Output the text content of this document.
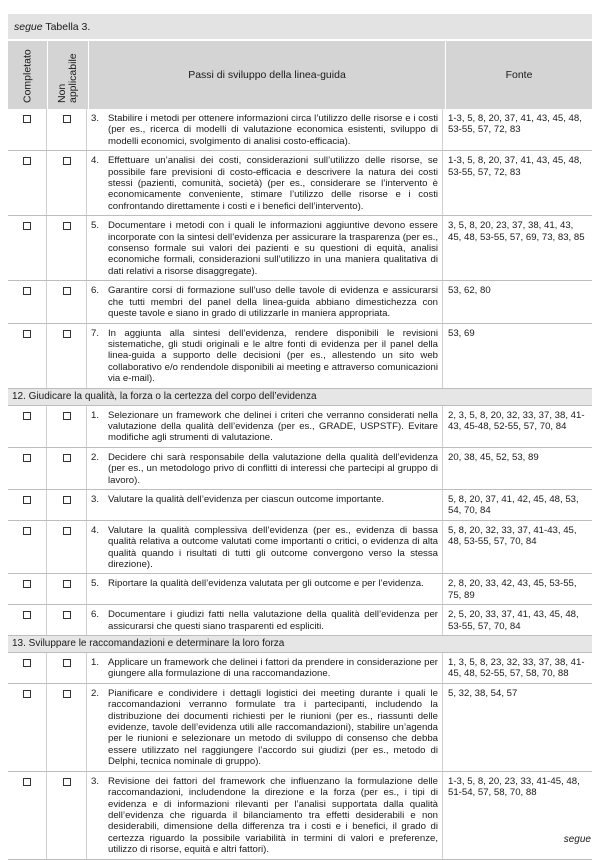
segue Tabella 3.
Completato Non applicabile	Passi di sviluppo della linea-guida	Fonte
3. Stabilire i metodi per ottenere informazioni circa l’utilizzo delle risorse e i costi (per es., ricerca di modelli di valutazione economica esistenti, sviluppo di modelli economici, svolgimento di analisi costo-efficacia).
1-3, 5, 8, 20, 37, 41, 43, 45, 48, 53-55, 57, 72, 83
4. Effettuare un’analisi dei costi, considerazioni sull’utilizzo delle risorse, se possibile fare previsioni di costo-efficacia e descrivere la natura dei costi stessi (pazienti, comunità, società) (per es., considerare se l’intervento è economicamente conveniente, stimare l’utilizzo delle risorse e i costi confrontando direttamente i costi e i benefici dell’intervento).
1-3, 5, 8, 20, 37, 41, 43, 45, 48, 53-55, 57, 72, 83
5. Documentare i metodi con i quali le informazioni aggiuntive devono essere incorporate con la sintesi dell’evidenza per assicurare la trasparenza (per es., consenso formale sui valori dei pazienti e su questioni di equità, analisi economiche formali, considerazioni sull’utilizzo in una maniera qualitativa di dati relativi a risorse disaggregate).
3, 5, 8, 20, 23, 37, 38, 41, 43, 45, 48, 53-55, 57, 69, 73, 83, 85
6. Garantire corsi di formazione sull’uso delle tavole di evidenza e assicurarsi che tutti membri del panel della linea-guida abbiano dimestichezza con queste tavole e siano in grado di utilizzarle in maniera appropriata.
53, 62, 80
7. In aggiunta alla sintesi dell’evidenza, rendere disponibili le revisioni sistematiche, gli studi originali e le altre fonti di evidenza per il panel della linea-guida a supporto delle decisioni (per es., allestendo un sito web collaborativo e/o rendendole disponibili ai meeting e attraverso comunicazioni via e-mail).
53, 69
12. Giudicare la qualità, la forza o la certezza del corpo dell’evidenza
1. Selezionare un framework che delinei i criteri che verranno considerati nella valutazione della qualità dell’evidenza (per es., GRADE, USPSTF). Evitare modifiche agli strumenti di valutazione.
2, 3, 5, 8, 20, 32, 33, 37, 38, 41-43, 45-48, 52-55, 57, 70, 84
2. Decidere chi sarà responsabile della valutazione della qualità dell’evidenza (per es., un metodologo privo di conflitti di interessi che partecipi al gruppo di lavoro).
20, 38, 45, 52, 53, 89
3. Valutare la qualità dell’evidenza per ciascun outcome importante.	5, 8, 20, 37, 41, 42, 45, 48, 53, 54, 70, 84
4. Valutare la qualità complessiva dell’evidenza (per es., evidenza di bassa qualità relativa a outcome valutati come importanti o critici, o evidenza di alta qualità quando i risultati di tutti gli outcome convergono verso la stessa direzione).
5, 8, 20, 32, 33, 37, 41-43, 45, 48, 53-55, 57, 70, 84
5. Riportare la qualità dell’evidenza valutata per gli outcome e per l’evidenza.	2, 8, 20, 33, 42, 43, 45, 53-55, 75, 89
6. Documentare i giudizi fatti nella valutazione della qualità dell’evidenza per assicurarsi che questi siano trasparenti ed espliciti.
2, 5, 20, 33, 37, 41, 43, 45, 48, 53-55, 57, 70, 84
13. Sviluppare le raccomandazioni e determinare la loro forza
1. Applicare un framework che delinei i fattori da prendere in considerazione per giungere alla formulazione di una raccomandazione.
1, 3, 5, 8, 23, 32, 33, 37, 38, 41-45, 48, 52-55, 57, 58, 70, 88
2. Pianificare e condividere i dettagli logistici dei meeting durante i quali le raccomandazioni verranno formulate tra i partecipanti, includendo la distribuzione dei documenti richiesti per le riunioni (per es., riassunti delle evidenze, tavole dell’evidenza utili alle raccomandazioni), stabilire un’agenda per le riunioni e selezionare un metodo di sviluppo di consenso che debba essere utilizzato nel raggiungere l’accordo sui giudizi (per es., metodo di Delphi, tecnica nominale di gruppo).
5, 32, 38, 54, 57
3. Revisione dei fattori del framework che influenzano la formulazione delle raccomandazioni, includendone la direzione e la forza (per es., i tipi di evidenza e di informazioni rilevanti per l’analisi supportata dalla qualità dell’evidenza che riguarda il bilanciamento tra effetti desiderabili e non desiderabili, dimensione della differenza tra i costi e i benefici, il grado di certezza riguardo la possibile variabilità in termini di valori e preferenze, utilizzo di risorse, equità e altri fattori).
1-3, 5, 8, 20, 23, 33, 41-45, 48, 51-54, 57, 58, 70, 88
segue
